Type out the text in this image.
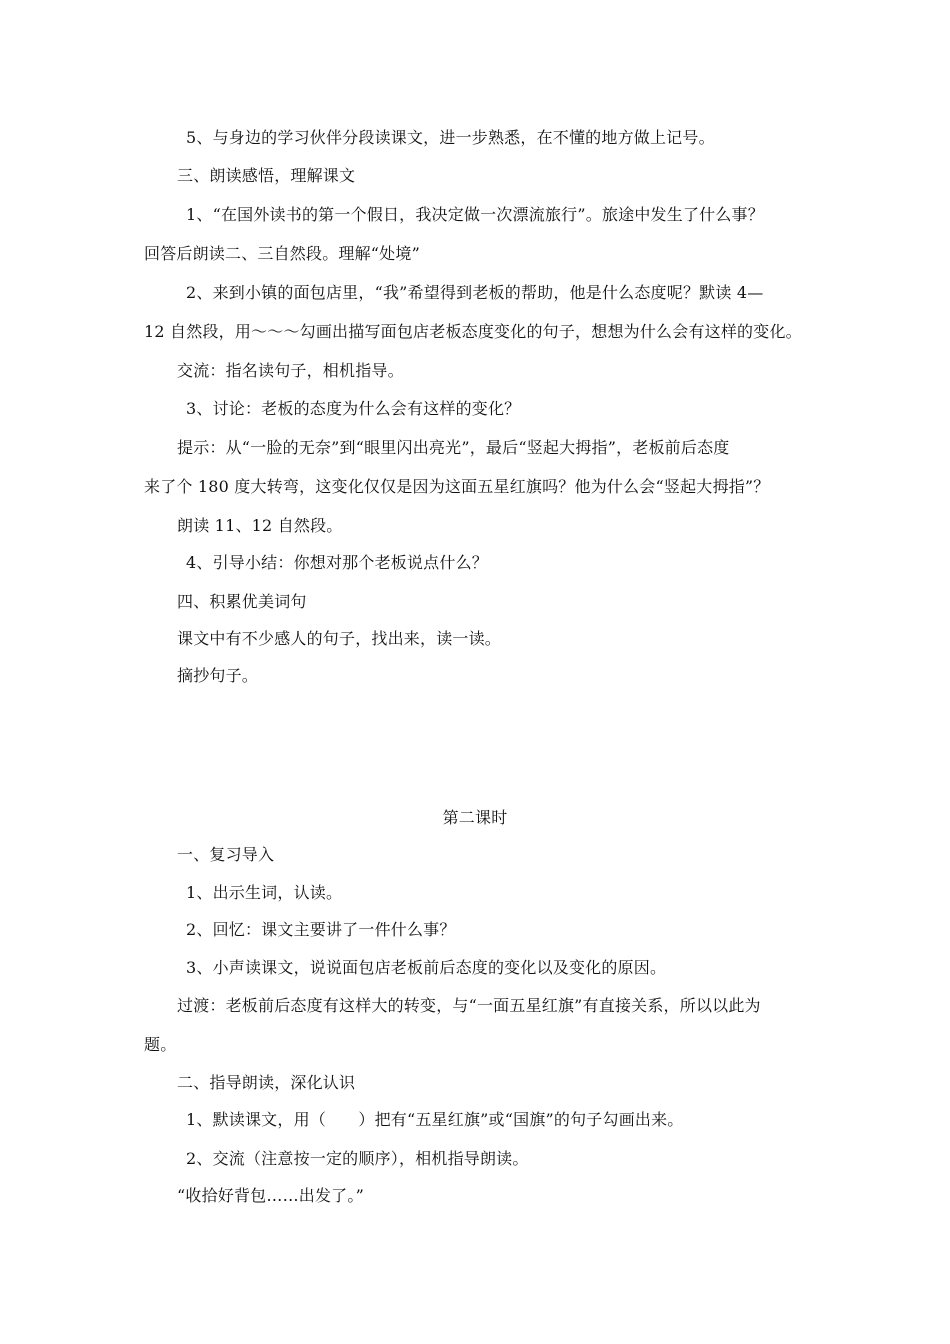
5、与身边的学习伙伴分段读课文，进一步熟悉，在不懂的地方做上记号。
三、朗读感悟，理解课文
1、“在国外读书的第一个假日，我决定做一次漂流旅行”。旅途中发生了什么事？
回答后朗读二、三自然段。理解“处境”
2、来到小镇的面包店里，“我”希望得到老板的帮助，他是什么态度呢？默读 4—
12 自然段，用～～～勾画出描写面包店老板态度变化的句子，想想为什么会有这样的变化。
交流：指名读句子，相机指导。
3、讨论：老板的态度为什么会有这样的变化？
提示：从“一脸的无奈”到“眼里闪出亮光”，最后“竖起大拇指”，老板前后态度
来了个 180 度大转弯，这变化仅仅是因为这面五星红旗吗？他为什么会“竖起大拇指”？
朗读 11、12 自然段。
4、引导小结：你想对那个老板说点什么？
四、积累优美词句
课文中有不少感人的句子，找出来，读一读。
摘抄句子。
第二课时
一、复习导入
1、出示生词，认读。
2、回忆：课文主要讲了一件什么事？
3、小声读课文，说说面包店老板前后态度的变化以及变化的原因。
过渡：老板前后态度有这样大的转变，与“一面五星红旗”有直接关系，所以以此为
题。
二、指导朗读，深化认识
1、默读课文，用（　　）把有“五星红旗”或“国旗”的句子勾画出来。
2、交流（注意按一定的顺序），相机指导朗读。
“收拾好背包……出发了。”
